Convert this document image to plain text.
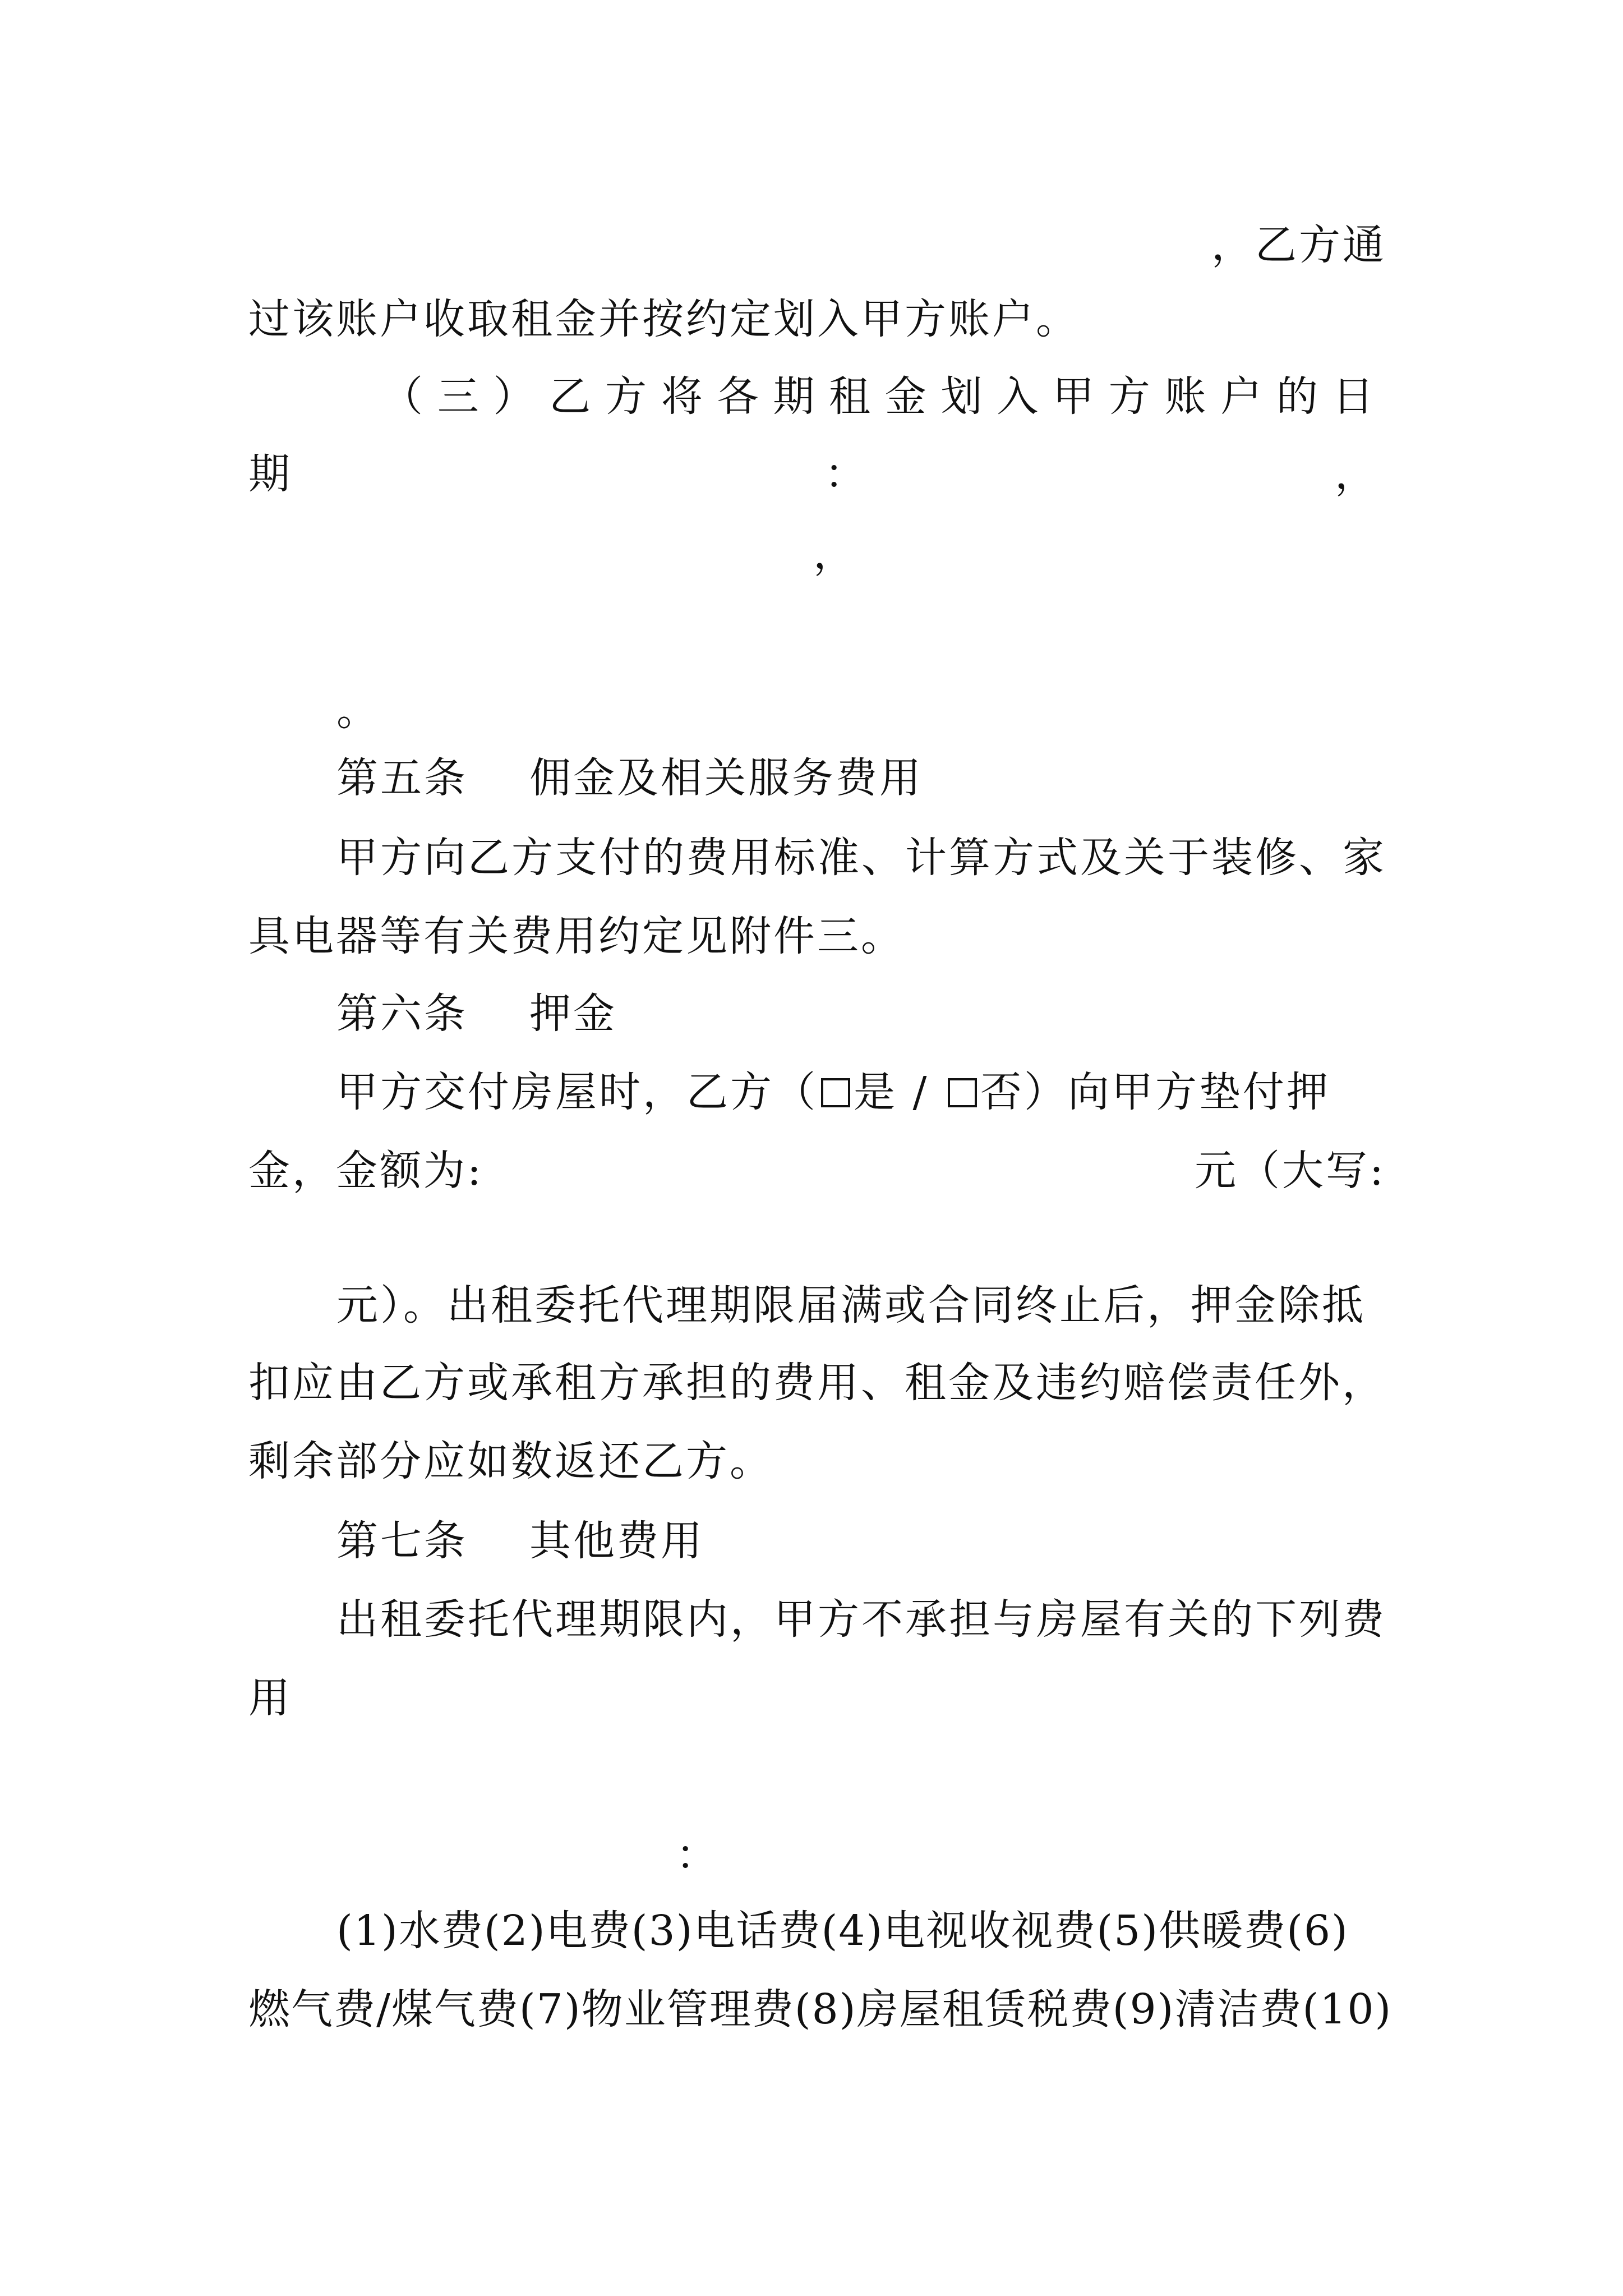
，乙方通
过该账户收取租金并按约定划入甲方账户。
（ 三 ） 乙 方 将 各 期 租 金 划 入 甲 方 账 户 的 日
期	：	，
，
。
第五条 佣金及相关服务费用
甲方向乙方支付的费用标准、计算方式及关于装修、家
具电器等有关费用约定见附件三。
第六条 押金
甲方交付房屋时，乙方（ 是 / 否）向甲方垫付押
金，金额为:	元（大写:
元）。出租委托代理期限届满或合同终止后，押金除抵
扣应由乙方或承租方承担的费用、租金及违约赔偿责任外，
剩余部分应如数返还乙方。
第七条 其他费用
出租委托代理期限内，甲方不承担与房屋有关的下列费
用
：
(1)水费(2)电费(3)电话费(4)电视收视费(5)供暖费(6)
燃气费/煤气费(7)物业管理费(8)房屋租赁税费(9)清洁费(10)
